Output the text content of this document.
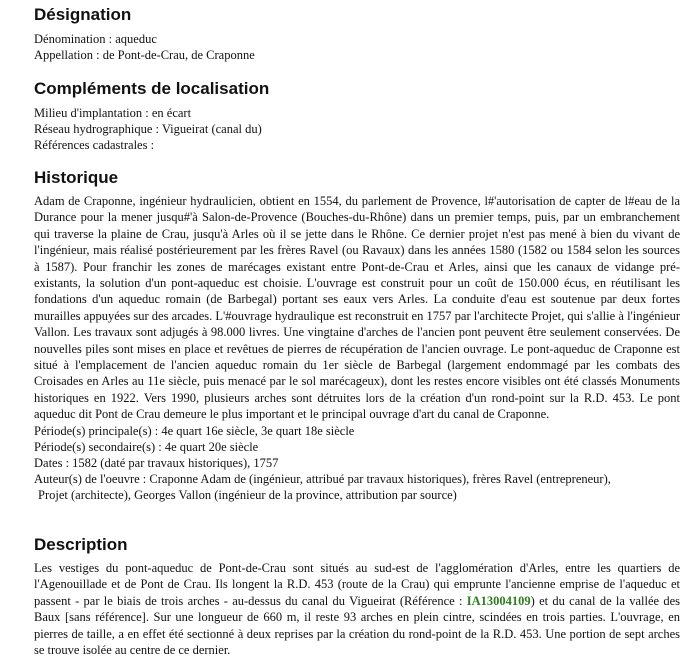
Désignation
Dénomination : aqueduc
Appellation : de Pont-de-Crau, de Craponne
Compléments de localisation
Milieu d'implantation : en écart
Réseau hydrographique : Vigueirat (canal du)
Références cadastrales :
Historique

Adam de Craponne, ingénieur hydraulicien, obtient en 1554, du parlement de Provence, l#'autorisation de capter de l#eau de la Durance pour la mener jusqu#'à Salon-de-Provence (Bouches-du-Rhône) dans un premier temps, puis, par un embranchement qui traverse la plaine de Crau, jusqu'à Arles où il se jette dans le Rhône. Ce dernier projet n'est pas mené à bien du vivant de l'ingénieur, mais réalisé postérieurement par les frères Ravel (ou Ravaux) dans les années 1580 (1582 ou 1584 selon les sources à 1587). Pour franchir les zones de marécages existant entre Pont-de-Crau et Arles, ainsi que les canaux de vidange pré-existants, la solution d'un pont-aqueduc est choisie. L'ouvrage est construit pour un coût de 150.000 écus, en réutilisant les fondations d'un aqueduc romain (de Barbegal) portant ses eaux vers Arles. La conduite d'eau est soutenue par deux fortes murailles appuyées sur des arcades. L'#ouvrage hydraulique est reconstruit en 1757 par l'architecte Projet, qui s'allie à l'ingénieur Vallon. Les travaux sont adjugés à 98.000 livres. Une vingtaine d'arches de l'ancien pont peuvent être seulement conservées. De nouvelles piles sont mises en place et revêtues de pierres de récupération de l'ancien ouvrage. Le pont-aqueduc de Craponne est situé à l'emplacement de l'ancien aqueduc romain du 1er siècle de Barbegal (largement endommagé par les combats des Croisades en Arles au 11e siècle, puis menacé par le sol marécageux), dont les restes encore visibles ont été classés Monuments historiques en 1922. Vers 1990, plusieurs arches sont détruites lors de la création d'un rond-point sur la R.D. 453. Le pont aqueduc dit Pont de Crau demeure le plus important et le principal ouvrage d'art du canal de Craponne.

Période(s) principale(s) : 4e quart 16e siècle, 3e quart 18e siècle
Période(s) secondaire(s) : 4e quart 20e siècle
Dates : 1582 (daté par travaux historiques), 1757
Auteur(s) de l'oeuvre : Craponne Adam de (ingénieur, attribué par travaux historiques), frères Ravel (entrepreneur),
Projet (architecte), Georges Vallon (ingénieur de la province, attribution par source)
Description

Les vestiges du pont-aqueduc de Pont-de-Crau sont situés au sud-est de l'agglomération d'Arles, entre les quartiers de l'Agenouillade et de Pont de Crau. Ils longent la R.D. 453 (route de la Crau) qui emprunte l'ancienne emprise de l'aqueduc et passent - par le biais de trois arches - au-dessus du canal du Vigueirat (Référence : IA13004109) et du canal de la vallée des Baux [sans référence]. Sur une longueur de 660 m, il reste 93 arches en plein cintre, scindées en trois parties. L'ouvrage, en pierres de taille, a en effet été sectionné à deux reprises par la création du rond-point de la R.D. 453. Une portion de sept arches se trouve isolée au centre de ce dernier.
